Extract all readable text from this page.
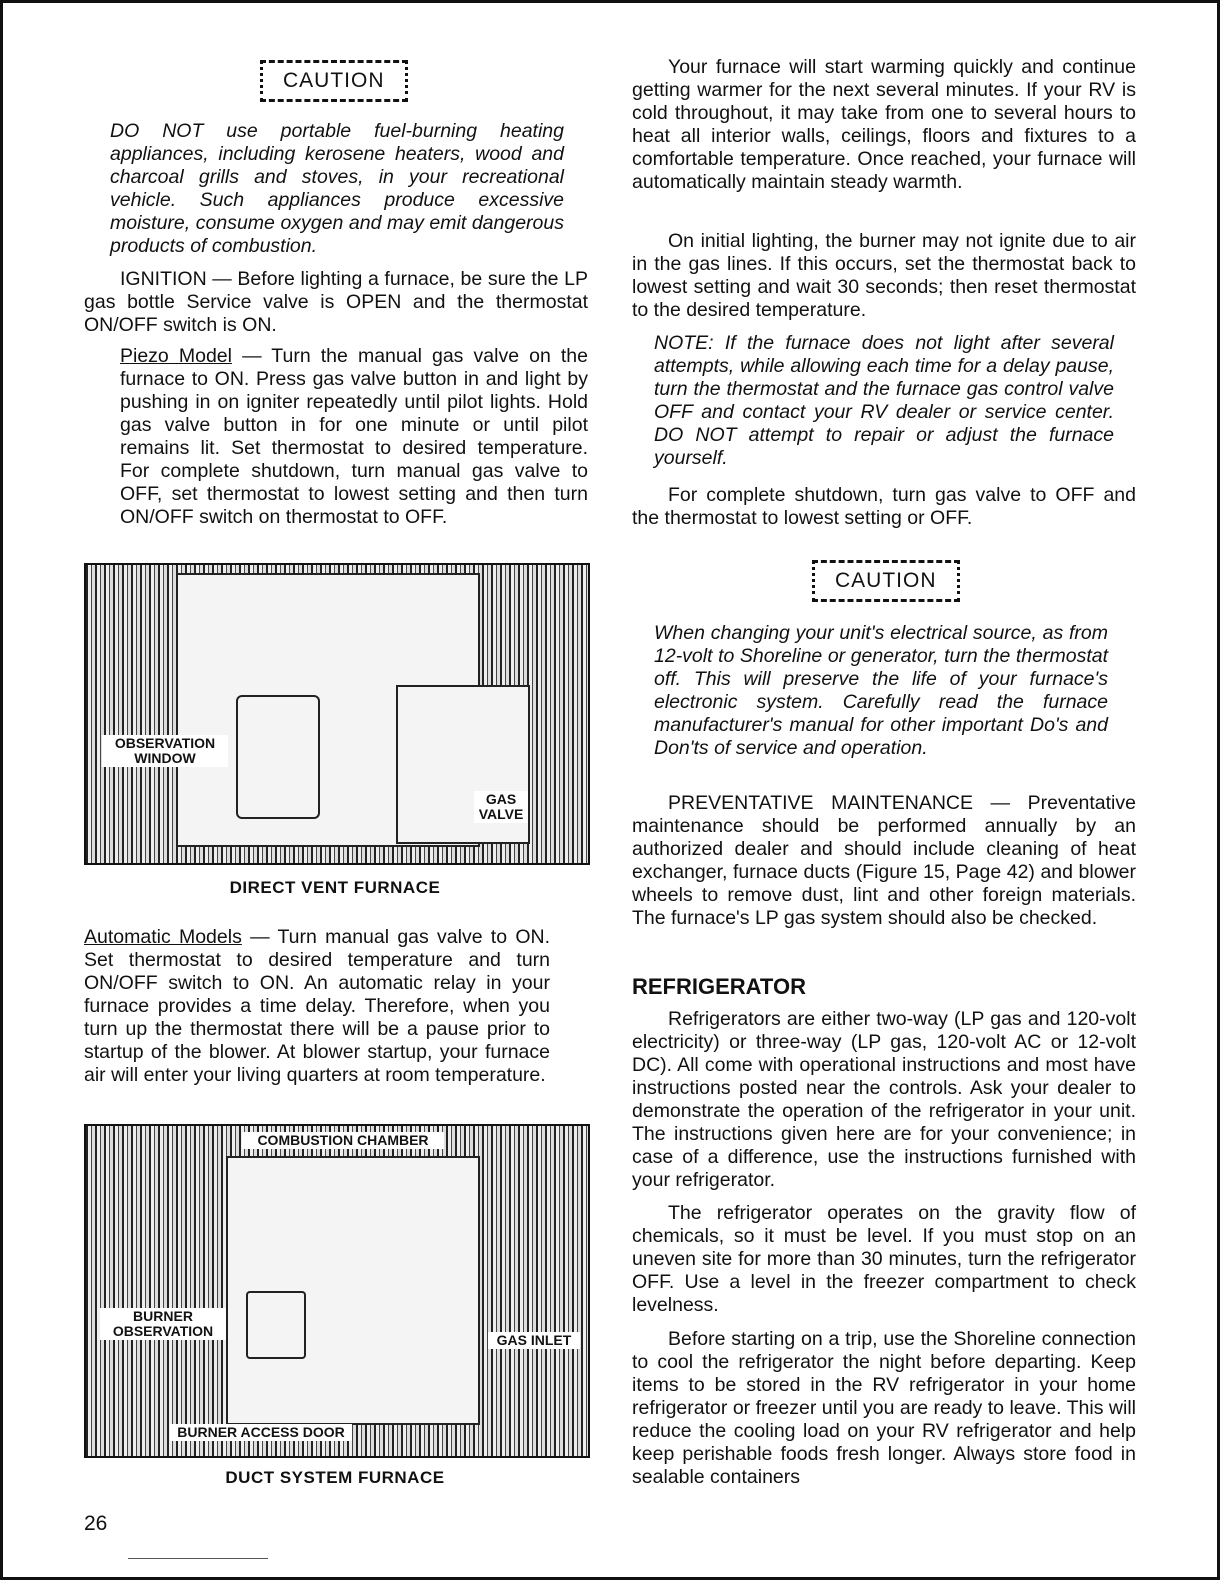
CAUTION

DO NOT use portable fuel-burning heating appliances, including kerosene heaters, wood and charcoal grills and stoves, in your recreational vehicle. Such appliances produce excessive moisture, consume oxygen and may emit dangerous products of combustion.

IGNITION — Before lighting a furnace, be sure the LP gas bottle Service valve is OPEN and the thermostat ON/OFF switch is ON.

Piezo Model — Turn the manual gas valve on the furnace to ON. Press gas valve button in and light by pushing in on igniter repeatedly until pilot lights. Hold gas valve button in for one minute or until pilot remains lit. Set thermostat to desired temperature. For complete shutdown, turn manual gas valve to OFF, set thermostat to lowest setting and then turn ON/OFF switch on thermostat to OFF.

OBSERVATION WINDOW
GAS VALVE
DIRECT VENT FURNACE

Automatic Models — Turn manual gas valve to ON. Set thermostat to desired temperature and turn ON/OFF switch to ON. An automatic relay in your furnace provides a time delay. Therefore, when you turn up the thermostat there will be a pause prior to startup of the blower. At blower startup, your furnace air will enter your living quarters at room temperature.

COMBUSTION CHAMBER
BURNER OBSERVATION
GAS INLET
BURNER ACCESS DOOR
DUCT SYSTEM FURNACE
26

Your furnace will start warming quickly and continue getting warmer for the next several minutes. If your RV is cold throughout, it may take from one to several hours to heat all interior walls, ceilings, floors and fixtures to a comfortable temperature. Once reached, your furnace will automatically maintain steady warmth.

On initial lighting, the burner may not ignite due to air in the gas lines. If this occurs, set the thermostat back to lowest setting and wait 30 seconds; then reset thermostat to the desired temperature.

NOTE: If the furnace does not light after several attempts, while allowing each time for a delay pause, turn the thermostat and the furnace gas control valve OFF and contact your RV dealer or service center. DO NOT attempt to repair or adjust the furnace yourself.

For complete shutdown, turn gas valve to OFF and the thermostat to lowest setting or OFF.

CAUTION

When changing your unit's electrical source, as from 12-volt to Shoreline or generator, turn the thermostat off. This will preserve the life of your furnace's electronic system. Carefully read the furnace manufacturer's manual for other important Do's and Don'ts of service and operation.

PREVENTATIVE MAINTENANCE — Preventative maintenance should be performed annually by an authorized dealer and should include cleaning of heat exchanger, furnace ducts (Figure 15, Page 42) and blower wheels to remove dust, lint and other foreign materials. The furnace's LP gas system should also be checked.

REFRIGERATOR

Refrigerators are either two-way (LP gas and 120-volt electricity) or three-way (LP gas, 120-volt AC or 12-volt DC). All come with operational instructions and most have instructions posted near the controls. Ask your dealer to demonstrate the operation of the refrigerator in your unit. The instructions given here are for your convenience; in case of a difference, use the instructions furnished with your refrigerator.

The refrigerator operates on the gravity flow of chemicals, so it must be level. If you must stop on an uneven site for more than 30 minutes, turn the refrigerator OFF. Use a level in the freezer compartment to check levelness.

Before starting on a trip, use the Shoreline connection to cool the refrigerator the night before departing. Keep items to be stored in the RV refrigerator in your home refrigerator or freezer until you are ready to leave. This will reduce the cooling load on your RV refrigerator and help keep perishable foods fresh longer. Always store food in sealable containers
